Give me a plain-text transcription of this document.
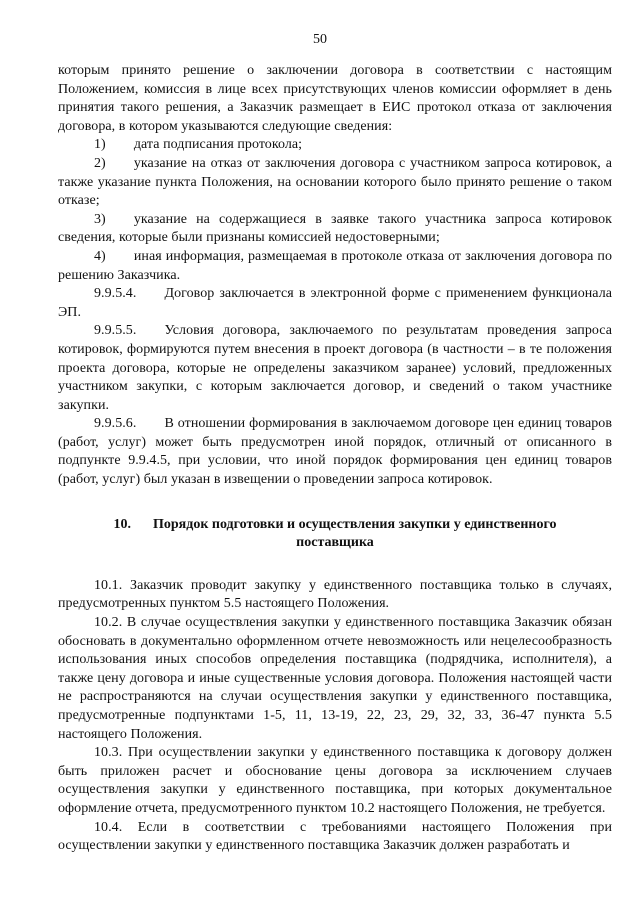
50

которым принято решение о заключении договора в соответствии с настоящим Положением, комиссия в лице всех присутствующих членов комиссии оформляет в день принятия такого решения, а Заказчик размещает в ЕИС протокол отказа от заключения договора, в котором указываются следующие сведения:

1)  дата подписания протокола;

2)  указание на отказ от заключения договора с участником запроса котировок, а также указание пункта Положения, на основании которого было принято решение о таком отказе;

3)  указание на содержащиеся в заявке такого участника запроса котировок сведения, которые были признаны комиссией недостоверными;

4)  иная информация, размещаемая в протоколе отказа от заключения договора по решению Заказчика.

9.9.5.4.  Договор заключается в электронной форме с применением функционала ЭП.

9.9.5.5.  Условия договора, заключаемого по результатам проведения запроса котировок, формируются путем внесения в проект договора (в частности – в те положения проекта договора, которые не определены заказчиком заранее) условий, предложенных участником закупки, с которым заключается договор, и сведений о таком участнике закупки.

9.9.5.6.  В отношении формирования в заключаемом договоре цен единиц товаров (работ, услуг) может быть предусмотрен иной порядок, отличный от описанного в подпункте 9.9.4.5, при условии, что иной порядок формирования цен единиц товаров (работ, услуг) был указан в извещении о проведении запроса котировок.

10. Порядок подготовки и осуществления закупки у единственного поставщика

10.1. Заказчик проводит закупку у единственного поставщика только в случаях, предусмотренных пунктом 5.5 настоящего Положения.

10.2. В случае осуществления закупки у единственного поставщика Заказчик обязан обосновать в документально оформленном отчете невозможность или нецелесообразность использования иных способов определения поставщика (подрядчика, исполнителя), а также цену договора и иные существенные условия договора. Положения настоящей части не распространяются на случаи осуществления закупки у единственного поставщика, предусмотренные подпунктами 1-5, 11, 13-19, 22, 23, 29, 32, 33, 36-47 пункта 5.5 настоящего Положения.

10.3. При осуществлении закупки у единственного поставщика к договору должен быть приложен расчет и обоснование цены договора за исключением случаев осуществления закупки у единственного поставщика, при которых документальное оформление отчета, предусмотренного пунктом 10.2 настоящего Положения, не требуется.

10.4. Если в соответствии с требованиями настоящего Положения при осуществлении закупки у единственного поставщика Заказчик должен разработать и
